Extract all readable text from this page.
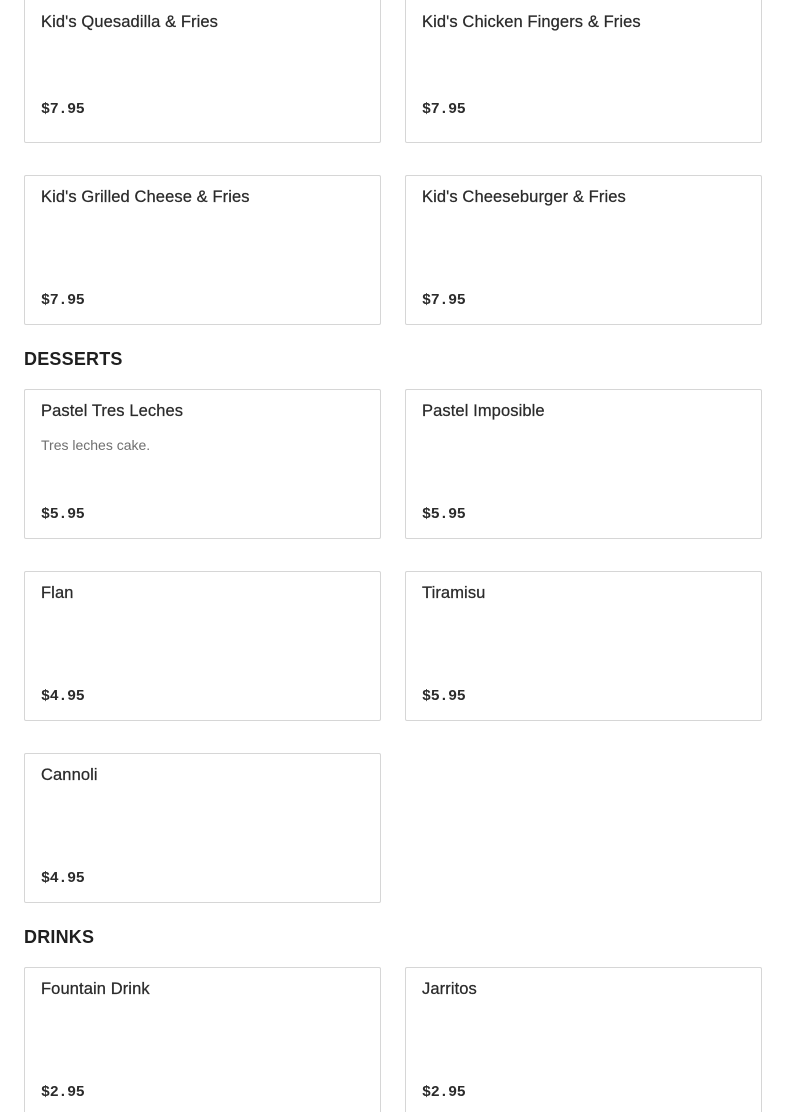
Kid's Quesadilla & Fries
$7.95
Kid's Chicken Fingers & Fries
$7.95
Kid's Grilled Cheese & Fries
$7.95
Kid's Cheeseburger & Fries
$7.95
DESSERTS
Pastel Tres Leches
Tres leches cake.
$5.95
Pastel Imposible
$5.95
Flan
$4.95
Tiramisu
$5.95
Cannoli
$4.95
DRINKS
Fountain Drink
$2.95
Jarritos
$2.95
